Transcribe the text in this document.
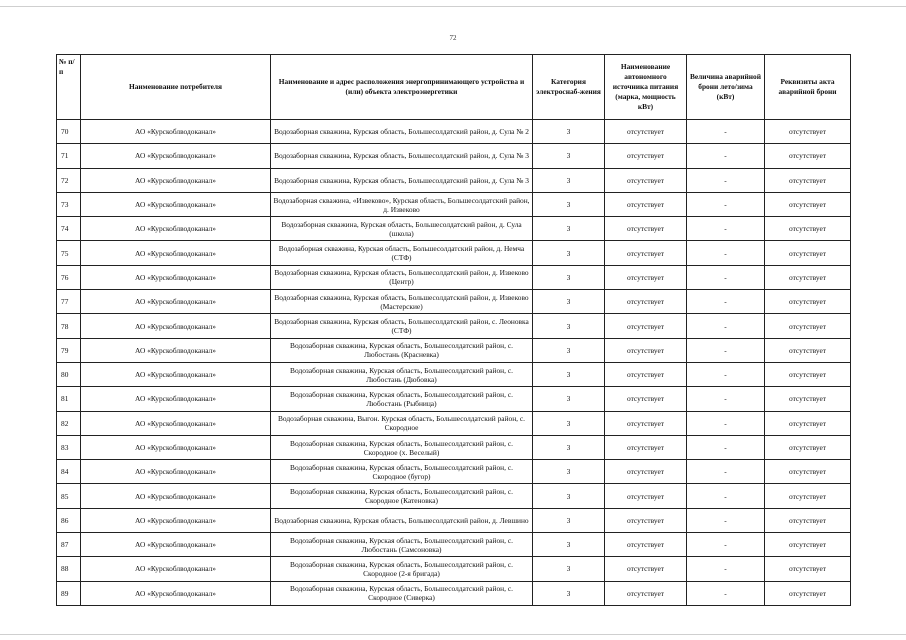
72
№ п/п	Наименование потребителя	Наименование и адрес расположения энергопринимающего устройства и (или) объекта электроэнергетики	Категория электроснаб-жения	Наименование автономного источника питания (марка, мощность кВт)	Величина аварийной брони лето/зима (кВт)	Реквизиты акта аварийной брони
70	АО «Курскоблводоканал»	Водозаборная скважина, Курская область, Большесолдатский район, д. Сула № 2	3	отсутствует	-	отсутствует
71	АО «Курскоблводоканал»	Водозаборная скважина, Курская область, Большесолдатский район, д. Сула № 3	3	отсутствует	-	отсутствует
72	АО «Курскоблводоканал»	Водозаборная скважина, Курская область, Большесолдатский район, д. Сула № 3	3	отсутствует	-	отсутствует
73	АО «Курскоблводоканал»	Водозаборная скважина, «Извеково», Курская область, Большесолдатский район, д. Извеково	3	отсутствует	-	отсутствует
74	АО «Курскоблводоканал»	Водозаборная скважина, Курская область, Большесолдатский район, д. Сула (школа)	3	отсутствует	-	отсутствует
75	АО «Курскоблводоканал»	Водозаборная скважина, Курская область, Большесолдатский район, д. Немча (СТФ)	3	отсутствует	-	отсутствует
76	АО «Курскоблводоканал»	Водозаборная скважина, Курская область, Большесолдатский район, д. Извеково (Центр)	3	отсутствует	-	отсутствует
77	АО «Курскоблводоканал»	Водозаборная скважина, Курская область, Большесолдатский район, д. Извеково (Мастерские)	3	отсутствует	-	отсутствует
78	АО «Курскоблводоканал»	Водозаборная скважина, Курская область, Большесолдатский район, с. Леоновка (СТФ)	3	отсутствует	-	отсутствует
79	АО «Курскоблводоканал»	Водозаборная скважина, Курская область, Большесолдатский район, с. Любостань (Красневка)	3	отсутствует	-	отсутствует
80	АО «Курскоблводоканал»	Водозаборная скважина, Курская область, Большесолдатский район, с. Любостань (Дюбовка)	3	отсутствует	-	отсутствует
81	АО «Курскоблводоканал»	Водозаборная скважина, Курская область, Большесолдатский район, с. Любостань (Рыбница)	3	отсутствует	-	отсутствует
82	АО «Курскоблводоканал»	Водозаборная скважина, Выгон. Курская область, Большесолдатский район, с. Скородное	3	отсутствует	-	отсутствует
83	АО «Курскоблводоканал»	Водозаборная скважина, Курская область, Большесолдатский район, с. Скородное (х. Веселый)	3	отсутствует	-	отсутствует
84	АО «Курскоблводоканал»	Водозаборная скважина, Курская область, Большесолдатский район, с. Скородное (бугор)	3	отсутствует	-	отсутствует
85	АО «Курскоблводоканал»	Водозаборная скважина, Курская область, Большесолдатский район, с. Скородное (Катеновка)	3	отсутствует	-	отсутствует
86	АО «Курскоблводоканал»	Водозаборная скважина, Курская область, Большесолдатский район, д. Левшино	3	отсутствует	-	отсутствует
87	АО «Курскоблводоканал»	Водозаборная скважина, Курская область, Большесолдатский район, с. Любостань (Самсоновка)	3	отсутствует	-	отсутствует
88	АО «Курскоблводоканал»	Водозаборная скважина, Курская область, Большесолдатский район, с. Скородное (2-я бригада)	3	отсутствует	-	отсутствует
89	АО «Курскоблводоканал»	Водозаборная скважина, Курская область, Большесолдатский район, с. Скородное (Сиверка)	3	отсутствует	-	отсутствует
